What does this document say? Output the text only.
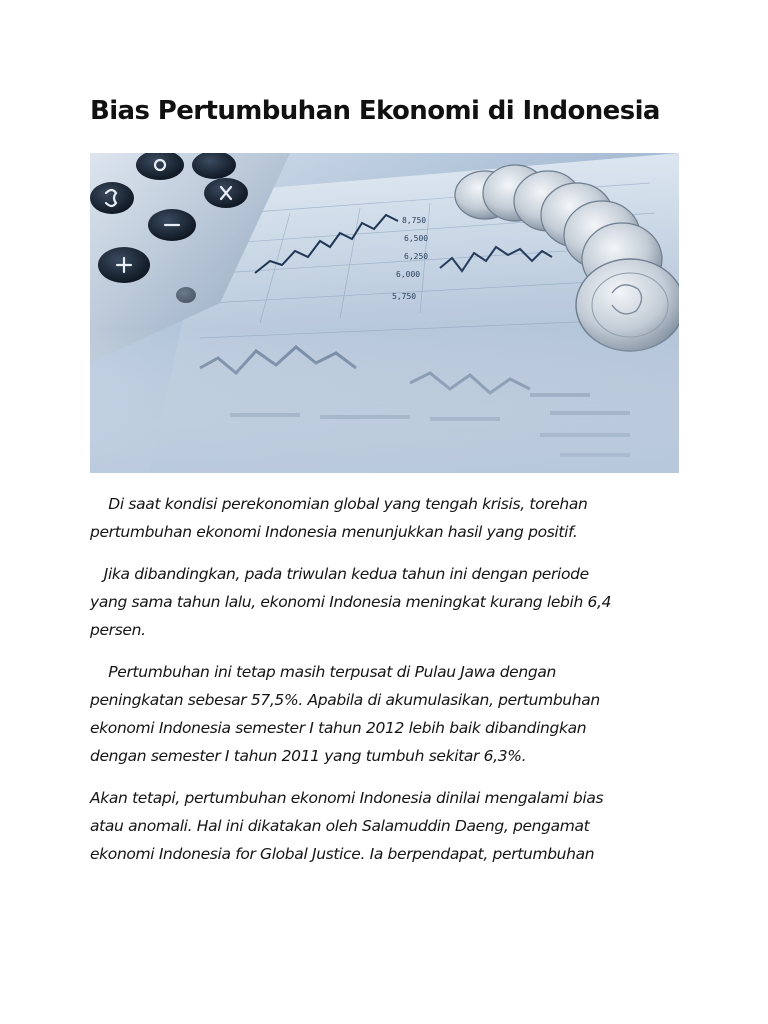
Bias Pertumbuhan Ekonomi di Indonesia

Di saat kondisi perekonomian global yang tengah krisis, torehan
pertumbuhan ekonomi Indonesia menunjukkan hasil yang positif.

Jika dibandingkan, pada triwulan kedua tahun ini dengan periode
yang sama tahun lalu, ekonomi Indonesia meningkat kurang lebih 6,4
persen.

Pertumbuhan ini tetap masih terpusat di Pulau Jawa dengan
peningkatan sebesar 57,5%. Apabila di akumulasikan, pertumbuhan
ekonomi Indonesia semester I tahun 2012 lebih baik dibandingkan
dengan semester I tahun 2011 yang tumbuh sekitar 6,3%.

Akan tetapi, pertumbuhan ekonomi Indonesia dinilai mengalami bias
atau anomali. Hal ini dikatakan oleh Salamuddin Daeng, pengamat
ekonomi Indonesia for Global Justice. Ia berpendapat, pertumbuhan
